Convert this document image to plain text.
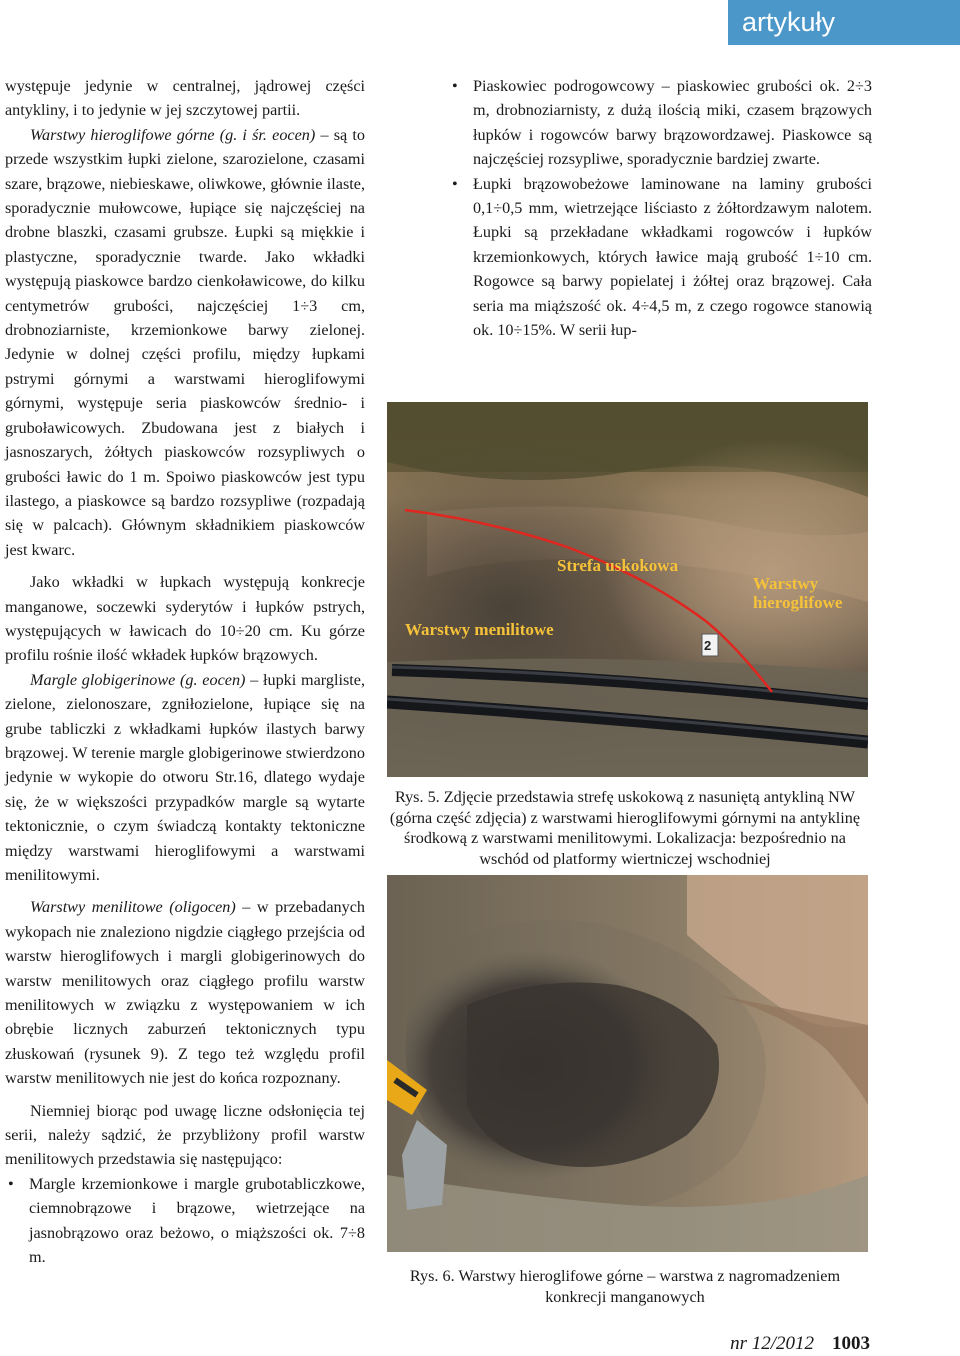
artykuły

występuje jedynie w centralnej, jądrowej części antykliny, i to jedynie w jej szczytowej partii.

Warstwy hieroglifowe górne (g. i śr. eocen) – są to przede wszystkim łupki zielone, szarozielone, czasami szare, brązowe, niebieskawe, oliwkowe, głównie ilaste, sporadycznie mułowcowe, łupiące się najczęściej na drobne blaszki, czasami grubsze. Łupki są miękkie i plastyczne, sporadycznie twarde. Jako wkładki występują piaskowce bardzo cienkoławicowe, do kilku centymetrów grubości, najczęściej 1÷3 cm, drobnoziarniste, krzemionkowe barwy zielonej. Jedynie w dolnej części profilu, między łupkami pstrymi górnymi a warstwami hieroglifowymi górnymi, występuje seria piaskowców średnio- i gruboławicowych. Zbudowana jest z białych i jasnoszarych, żółtych piaskowców rozsypliwych o grubości ławic do 1 m. Spoiwo piaskowców jest typu ilastego, a piaskowce są bardzo rozsypliwe (rozpadają się w palcach). Głównym składnikiem piaskowców jest kwarc.

Jako wkładki w łupkach występują konkrecje manganowe, soczewki syderytów i łupków pstrych, występujących w ławicach do 10÷20 cm. Ku górze profilu rośnie ilość wkładek łupków brązowych.

Margle globigerinowe (g. eocen) – łupki margliste, zielone, zielonoszare, zgniłozielone, łupiące się na grube tabliczki z wkładkami łupków ilastych barwy brązowej. W terenie margle globigerinowe stwierdzono jedynie w wykopie do otworu Str.16, dlatego wydaje się, że w większości przypadków margle są wytarte tektonicznie, o czym świadczą kontakty tektoniczne między warstwami hieroglifowymi a warstwami menilitowymi.

Warstwy menilitowe (oligocen) – w przebadanych wykopach nie znaleziono nigdzie ciągłego przejścia od warstw hieroglifowych i margli globigerinowych do warstw menilitowych oraz ciągłego profilu warstw menilitowych w związku z występowaniem w ich obrębie licznych zaburzeń tektonicznych typu złuskowań (rysunek 9). Z tego też względu profil warstw menilitowych nie jest do końca rozpoznany.

Niemniej biorąc pod uwagę liczne odsłonięcia tej serii, należy sądzić, że przybliżony profil warstw menilitowych przedstawia się następująco:

• Margle krzemionkowe i margle grubotabliczkowe, ciemnobrązowe i brązowe, wietrzejące na jasnobrązowo oraz beżowo, o miąższości ok. 7÷8 m.
• Piaskowiec podrogowcowy – piaskowiec grubości ok. 2÷3 m, drobnoziarnisty, z dużą ilością miki, czasem brązowych łupków i rogowców barwy brązowordzawej. Piaskowce są najczęściej rozsypliwe, sporadycznie bardziej zwarte.
• Łupki brązowobeżowe laminowane na laminy grubości 0,1÷0,5 mm, wietrzejące liściasto z żółtordzawym nalotem. Łupki są przekładane wkładkami rogowców i łupków krzemionkowych, których ławice mają grubość 1÷10 cm. Rogowce są barwy popielatej i żółtej oraz brązowej. Cała seria ma miąższość ok. 4÷4,5 m, z czego rogowce stanowią ok. 10÷15%. W serii łup-
Strefa uskokowa
Warstwy hieroglifowe
Warstwy menilitowe
2
Rys. 5. Zdjęcie przedstawia strefę uskokową z nasuniętą antykliną NW (górna część zdjęcia) z warstwami hieroglifowymi górnymi na antyklinę środkową z warstwami menilitowymi. Lokalizacja: bezpośrednio na wschód od platformy wiertniczej wschodniej
Rys. 6. Warstwy hieroglifowe górne – warstwa z nagromadzeniem konkrecji manganowych
nr 12/2012 1003
